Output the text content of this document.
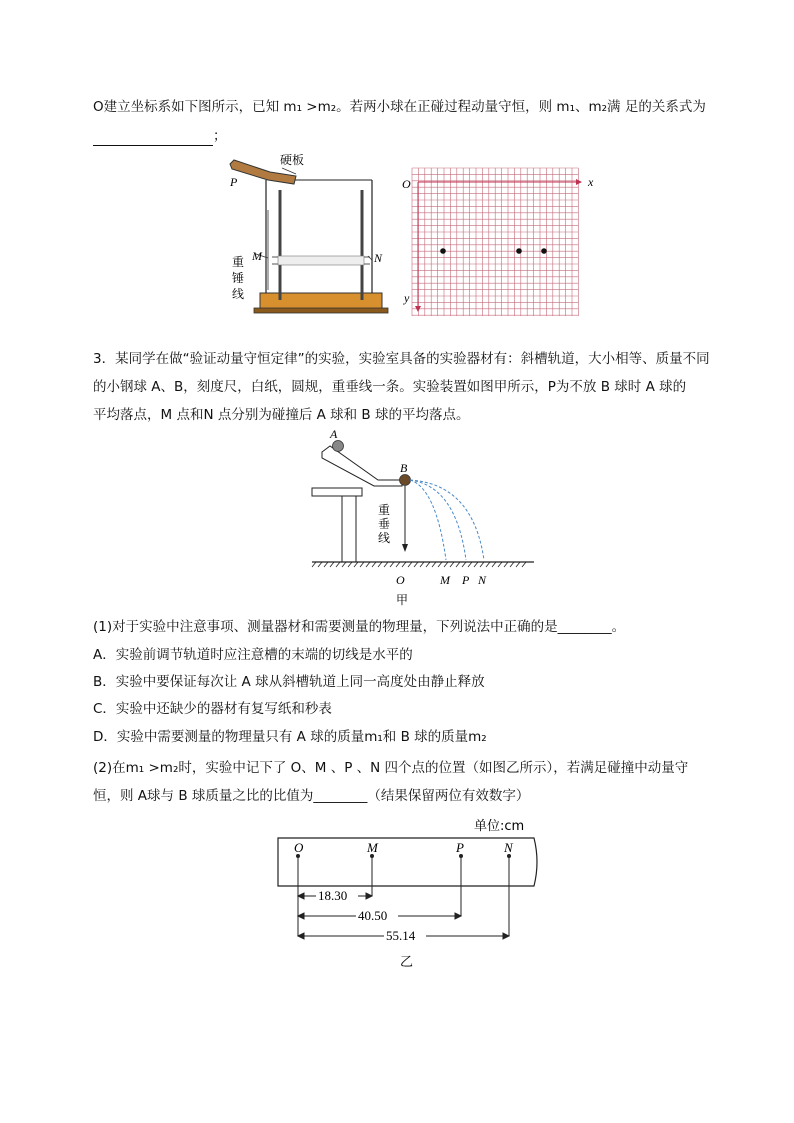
O建立坐标系如下图所示，已知 m₁ >m₂。若两小球在正碰过程动量守恒，则 m₁、m₂满 足的关系式为
；
硬板
P
M	N
重
锤
线
O	x
y
3．某同学在做“验证动量守恒定律”的实验，实验室具备的实验器材有：斜槽轨道，大小相等、质量不同
的小钢球 A、B，刻度尺，白纸，圆规，重垂线一条。实验装置如图甲所示，P为不放 B 球时 A 球的
平均落点，M 点和N 点分别为碰撞后 A 球和 B 球的平均落点。
A
B
重
垂
线
O	M P N
甲
(1)对于实验中注意事项、测量器材和需要测量的物理量，下列说法中正确的是________。
A．实验前调节轨道时应注意槽的末端的切线是水平的
B．实验中要保证每次让 A 球从斜槽轨道上同一高度处由静止释放
C．实验中还缺少的器材有复写纸和秒表
D．实验中需要测量的物理量只有 A 球的质量m₁和 B 球的质量m₂
(2)在m₁ >m₂时，实验中记下了 O、M 、P 、N 四个点的位置（如图乙所示），若满足碰撞中动量守
恒，则 A球与 B 球质量之比的比值为________（结果保留两位有效数字）
单位:cm
O	M	P	N
18.30
40.50
55.14
乙
